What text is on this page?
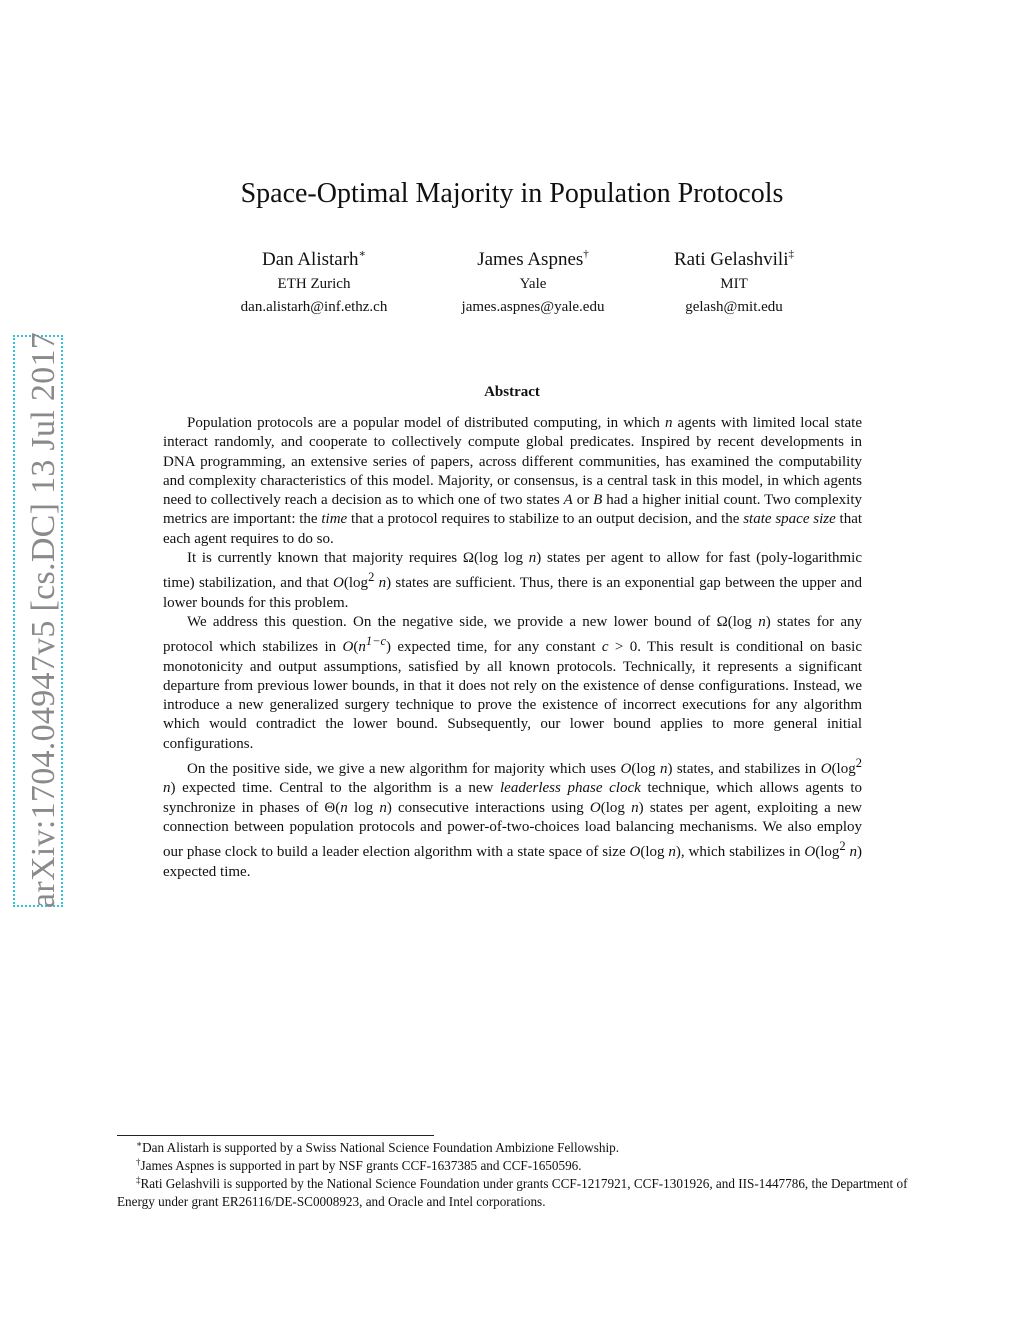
arXiv:1704.04947v5 [cs.DC] 13 Jul 2017
Space-Optimal Majority in Population Protocols
Dan Alistarh∗
ETH Zurich
dan.alistarh@inf.ethz.ch
James Aspnes†
Yale
james.aspnes@yale.edu
Rati Gelashvili‡
MIT
gelash@mit.edu
Abstract

Population protocols are a popular model of distributed computing, in which n agents with limited local state interact randomly, and cooperate to collectively compute global predicates. Inspired by recent developments in DNA programming, an extensive series of papers, across different communities, has examined the computability and complexity characteristics of this model. Majority, or consensus, is a central task in this model, in which agents need to collectively reach a decision as to which one of two states A or B had a higher initial count. Two complexity metrics are important: the time that a protocol requires to stabilize to an output decision, and the state space size that each agent requires to do so.

It is currently known that majority requires Ω(log log n) states per agent to allow for fast (poly-logarithmic time) stabilization, and that $O(\log^2$ n) states are sufficient. Thus, there is an exponential gap between the upper and lower bounds for this problem.

We address this question. On the negative side, we provide a new lower bound of Ω(log n) states for any protocol which stabilizes in $O(n^{1-c})$ expected time, for any constant c > 0. This result is conditional on basic monotonicity and output assumptions, satisfied by all known protocols. Technically, it represents a significant departure from previous lower bounds, in that it does not rely on the existence of dense configurations. Instead, we introduce a new generalized surgery technique to prove the existence of incorrect executions for any algorithm which would contradict the lower bound. Subsequently, our lower bound applies to more general initial configurations.

On the positive side, we give a new algorithm for majority which uses O(log n) states, and stabilizes in $O(\log^2$ n) expected time. Central to the algorithm is a new leaderless phase clock technique, which allows agents to synchronize in phases of Θ(n log n) consecutive interactions using O(log n) states per agent, exploiting a new connection between population protocols and power-of-two-choices load balancing mechanisms. We also employ our phase clock to build a leader election algorithm with a state space of size O(log n), which stabilizes in $O(\log^2$ n) expected time.

∗Dan Alistarh is supported by a Swiss National Science Foundation Ambizione Fellowship.
†James Aspnes is supported in part by NSF grants CCF-1637385 and CCF-1650596.
‡Rati Gelashvili is supported by the National Science Foundation under grants CCF-1217921, CCF-1301926, and IIS-1447786, the Department of Energy under grant ER26116/DE-SC0008923, and Oracle and Intel corporations.
